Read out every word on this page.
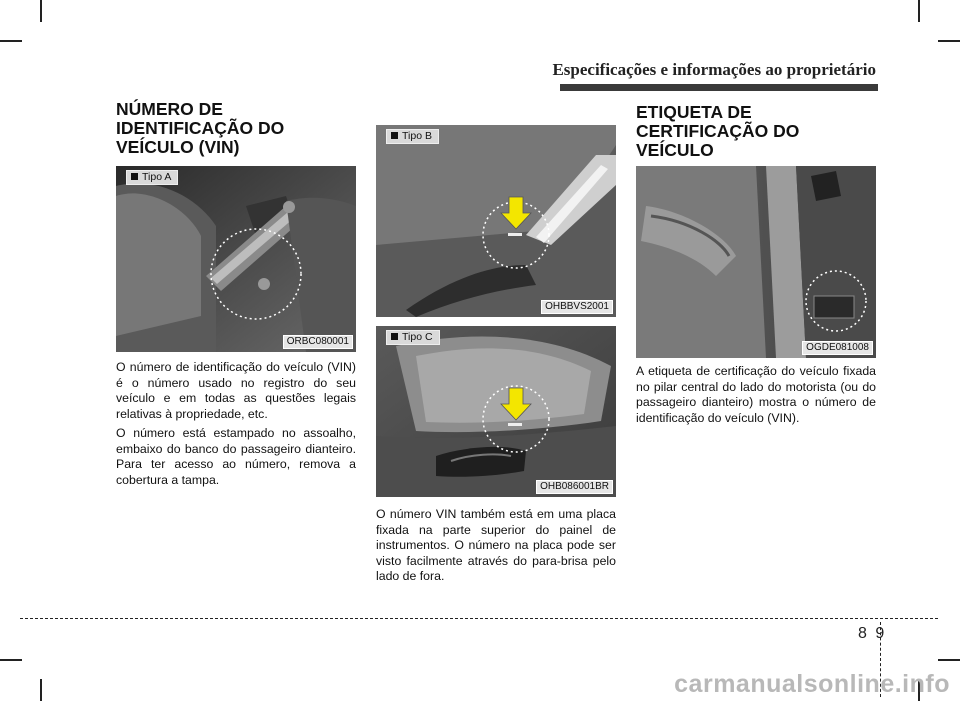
Especificações e informações ao proprietário
NÚMERO DE
IDENTIFICAÇÃO DO
VEÍCULO (VIN)
Tipo A
ORBC080001

O número de identificação do veículo (VIN) é o número usado no registro do seu veículo e em todas as questões legais relativas à propriedade, etc.

O número está estampado no assoalho, embaixo do banco do passageiro dianteiro. Para ter acesso ao número, remova a cobertura a tampa.

Tipo B
OHBBVS2001
Tipo C
OHB086001BR

O número VIN também está em uma placa fixada na parte superior do painel de instrumentos. O número na placa pode ser visto facilmente através do para-brisa pelo lado de fora.

ETIQUETA DE
CERTIFICAÇÃO DO
VEÍCULO
OGDE081008

A etiqueta de certificação do veículo fixada no pilar central do lado do motorista (ou do passageiro dianteiro) mostra o número de identificação do veículo (VIN).

8 9
carmanualsonline.info
